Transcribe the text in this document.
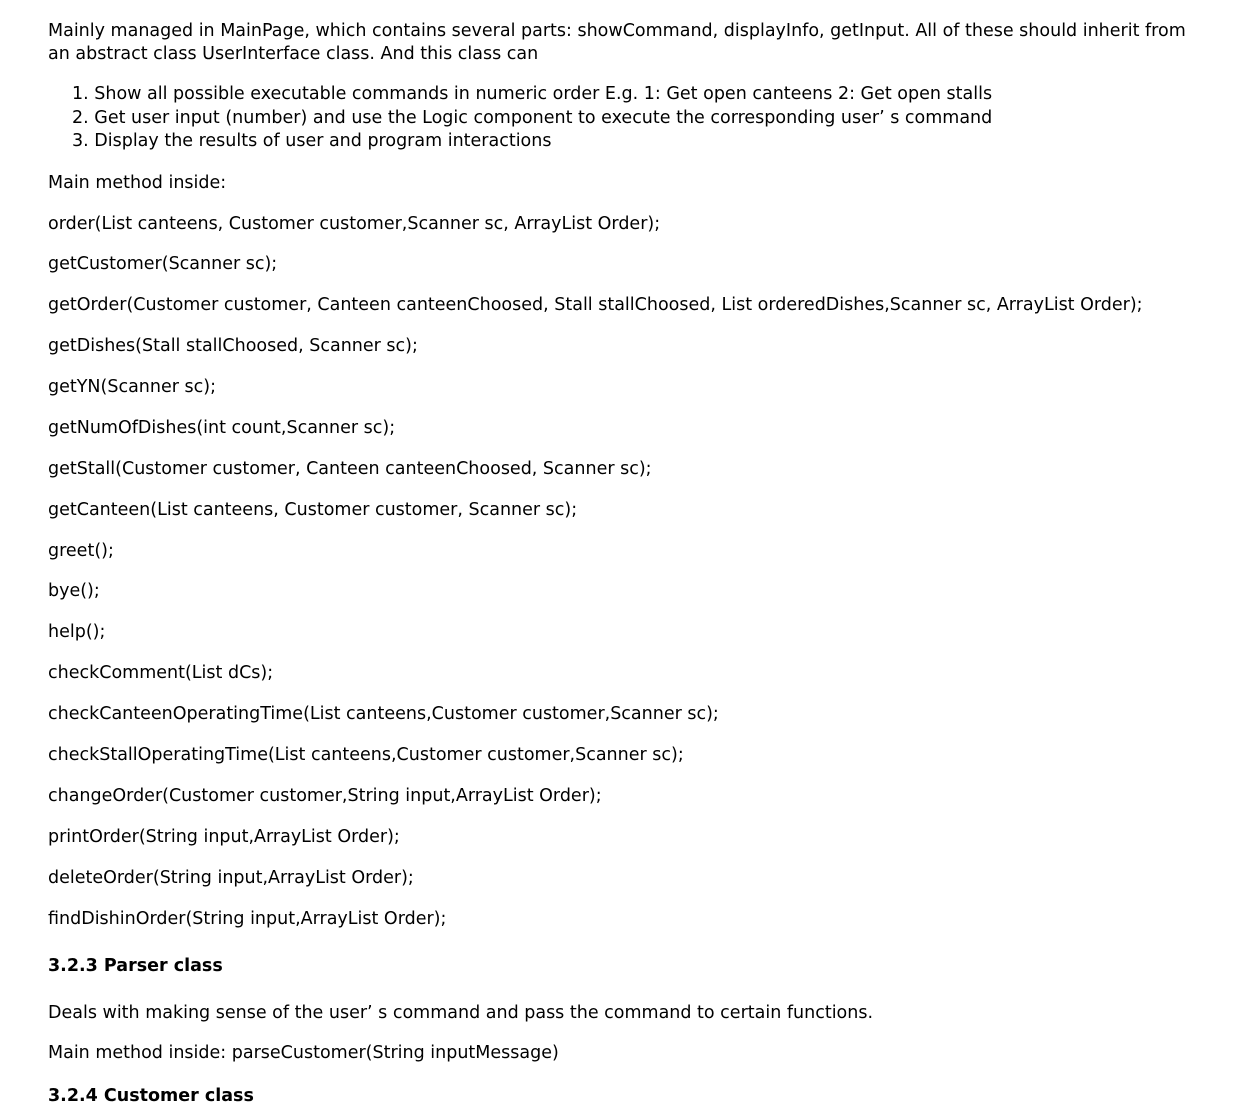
Mainly managed in MainPage, which contains several parts: showCommand, displayInfo, getInput. All of these should inherit from an abstract class UserInterface class. And this class can

1. Show all possible executable commands in numeric order E.g. 1: Get open canteens 2: Get open stalls
2. Get user input (number) and use the Logic component to execute the corresponding user’ s command
3. Display the results of user and program interactions
Main method inside:
order(List canteens, Customer customer,Scanner sc, ArrayList Order);
getCustomer(Scanner sc);
getOrder(Customer customer, Canteen canteenChoosed, Stall stallChoosed, List orderedDishes,Scanner sc, ArrayList Order);
getDishes(Stall stallChoosed, Scanner sc);
getYN(Scanner sc);
getNumOfDishes(int count,Scanner sc);
getStall(Customer customer, Canteen canteenChoosed, Scanner sc);
getCanteen(List canteens, Customer customer, Scanner sc);
greet();
bye();
help();
checkComment(List dCs);
checkCanteenOperatingTime(List canteens,Customer customer,Scanner sc);
checkStallOperatingTime(List canteens,Customer customer,Scanner sc);
changeOrder(Customer customer,String input,ArrayList Order);
printOrder(String input,ArrayList Order);
deleteOrder(String input,ArrayList Order);
findDishinOrder(String input,ArrayList Order);
3.2.3 Parser class
Deals with making sense of the user’ s command and pass the command to certain functions.
Main method inside: parseCustomer(String inputMessage)
3.2.4 Customer class
